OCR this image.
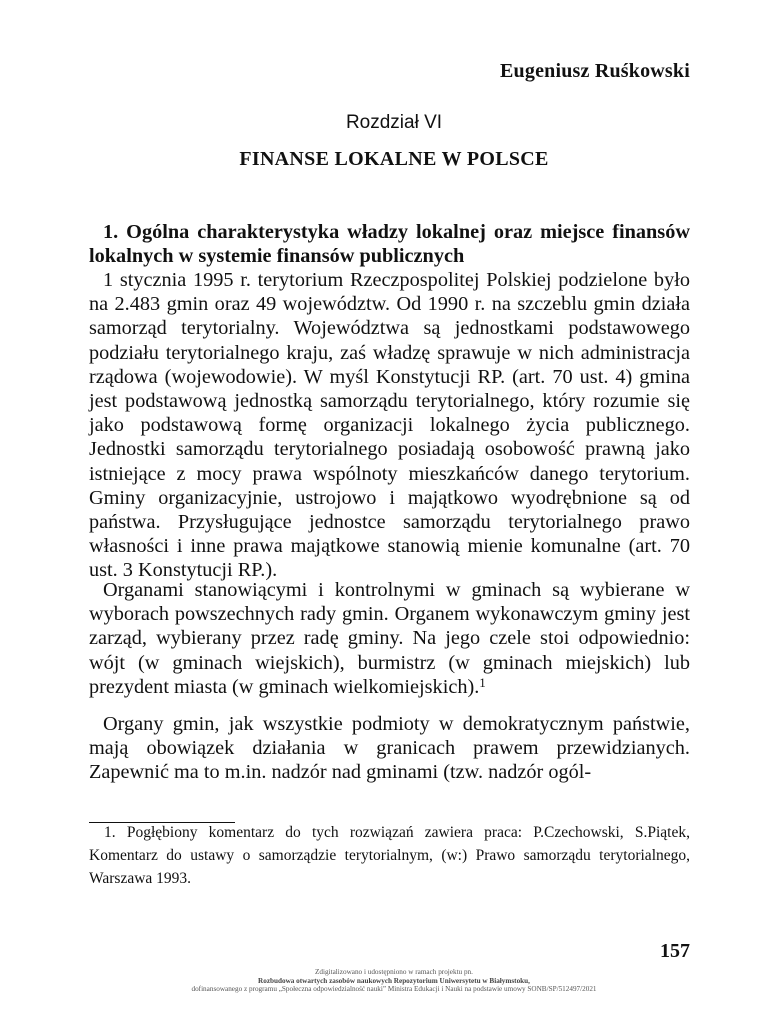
Eugeniusz Ruśkowski
Rozdział VI
FINANSE LOKALNE W POLSCE
1. Ogólna charakterystyka władzy lokalnej oraz miejsce finansów lokalnych w systemie finansów publicznych

1 stycznia 1995 r. terytorium Rzeczpospolitej Polskiej podzielone było na 2.483 gmin oraz 49 województw. Od 1990 r. na szczeblu gmin działa samorząd terytorialny. Województwa są jednostkami podstawowego podziału terytorialnego kraju, zaś władzę sprawuje w nich administracja rządowa (wojewodowie). W myśl Konstytucji RP. (art. 70 ust. 4) gmina jest podstawową jednostką samorządu terytorialnego, który rozumie się jako podstawową formę organizacji lokalnego życia publicznego. Jednostki samorządu terytorialnego posiadają osobowość prawną jako istniejące z mocy prawa wspólnoty mieszkańców danego terytorium. Gminy organizacyjnie, ustrojowo i majątkowo wyodrębnione są od państwa. Przysługujące jednostce samorządu terytorialnego prawo własności i inne prawa majątkowe stanowią mienie komunalne (art. 70 ust. 3 Konstytucji RP.).

Organami stanowiącymi i kontrolnymi w gminach są wybierane w wyborach powszechnych rady gmin. Organem wykonawczym gminy jest zarząd, wybierany przez radę gminy. Na jego czele stoi odpowiednio: wójt (w gminach wiejskich), burmistrz (w gminach miejskich) lub prezydent miasta (w gminach wielkomiejskich).$^1$

Organy gmin, jak wszystkie podmioty w demokratycznym państwie, mają obowiązek działania w granicach prawem przewidzianych. Zapewnić ma to m.in. nadzór nad gminami (tzw. nadzór ogól-

1. Pogłębiony komentarz do tych rozwiązań zawiera praca: P.Czechowski, S.Piątek, Komentarz do ustawy o samorządzie terytorialnym, (w:) Prawo samorządu terytorialnego, Warszawa 1993.

157
Zdigitalizowano i udostępniono w ramach projektu pn.
Rozbudowa otwartych zasobów naukowych Repozytorium Uniwersytetu w Białymstoku,
dofinansowanego z programu „Społeczna odpowiedzialność nauki” Ministra Edukacji i Nauki na podstawie umowy SONB/SP/512497/2021
